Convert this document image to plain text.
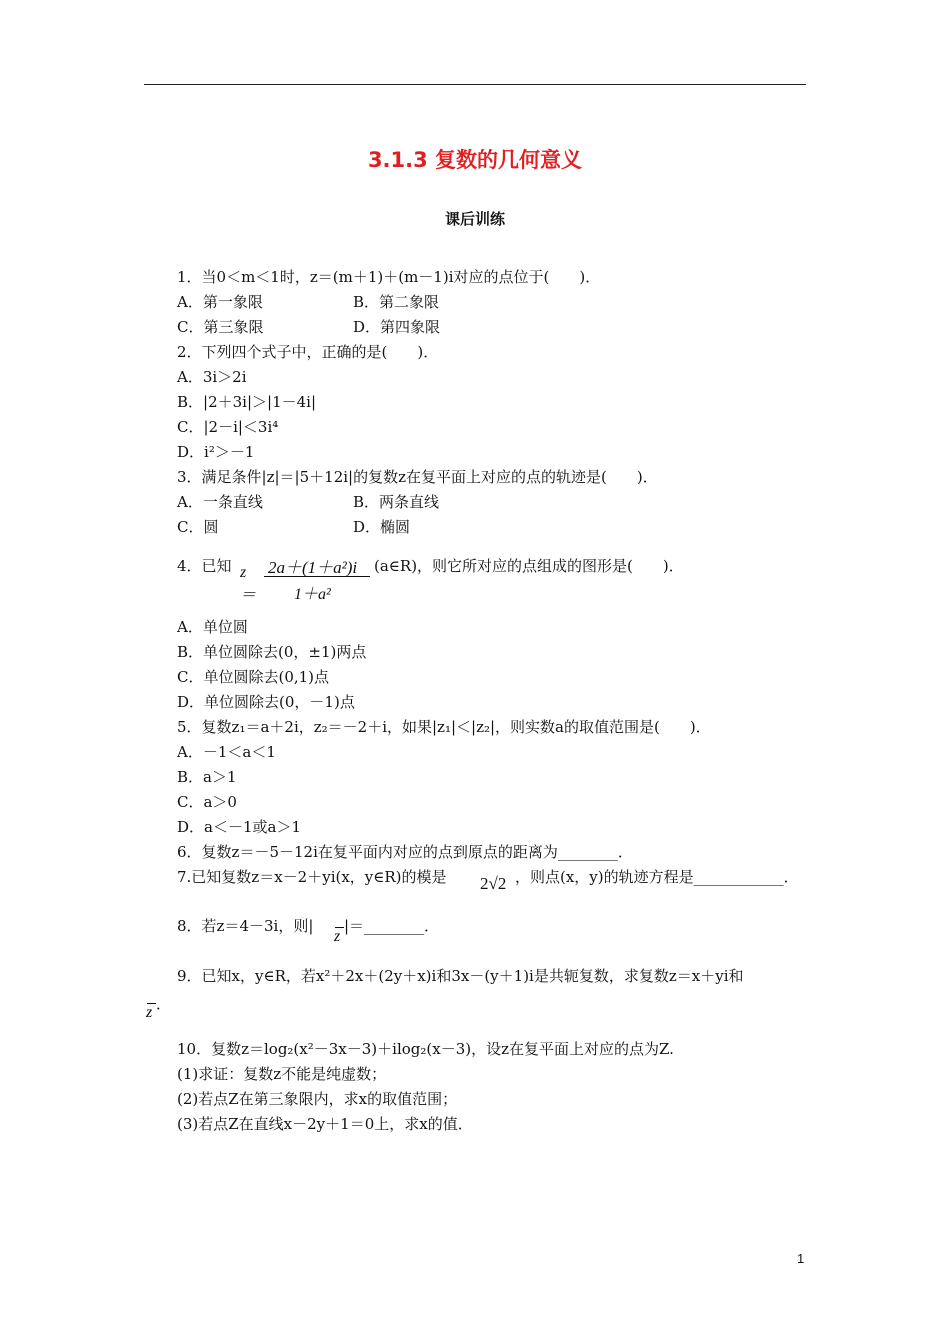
3.1.3 复数的几何意义
课后训练
1．当0＜m＜1时，z＝(m＋1)＋(m－1)i对应的点位于(　　)．
A．第一象限	B．第二象限
C．第三象限	D．第四象限
2．下列四个式子中，正确的是(　　)．
A．3i＞2i
B．|2＋3i|＞|1－4i|
C．|2－i|＜3i⁴
D．i²＞－1
3．满足条件|z|＝|5＋12i|的复数z在复平面上对应的点的轨迹是(　　)．
A．一条直线	B．两条直线
C．圆	D．椭圆
4．已知 z＝
2a＋(1＋a²)i
1＋a²
(a∈R)，则它所对应的点组成的图形是(　　)．
A．单位圆
B．单位圆除去(0，±1)两点
C．单位圆除去(0,1)点
D．单位圆除去(0，－1)点
5．复数z₁＝a＋2i，z₂＝－2＋i，如果|z₁|＜|z₂|，则实数a的取值范围是(　　)．
A．－1＜a＜1
B．a＞1
C．a＞0
D．a＜－1或a＞1
6．复数z＝－5－12i在复平面内对应的点到原点的距离为________．
7.已知复数z＝x－2＋yi(x，y∈R)的模是 2√2 ，则点(x，y)的轨迹方程是____________．
8．若z＝4－3i，则|
z
|＝________．
9．已知x，y∈R，若x²＋2x＋(2y＋x)i和3x－(y＋1)i是共轭复数，求复数z＝x＋yi和
z ．
10．复数z＝log₂(x²－3x－3)＋ilog₂(x－3)，设z在复平面上对应的点为Z.
(1)求证：复数z不能是纯虚数；
(2)若点Z在第三象限内，求x的取值范围；
(3)若点Z在直线x－2y＋1＝0上，求x的值．
1
